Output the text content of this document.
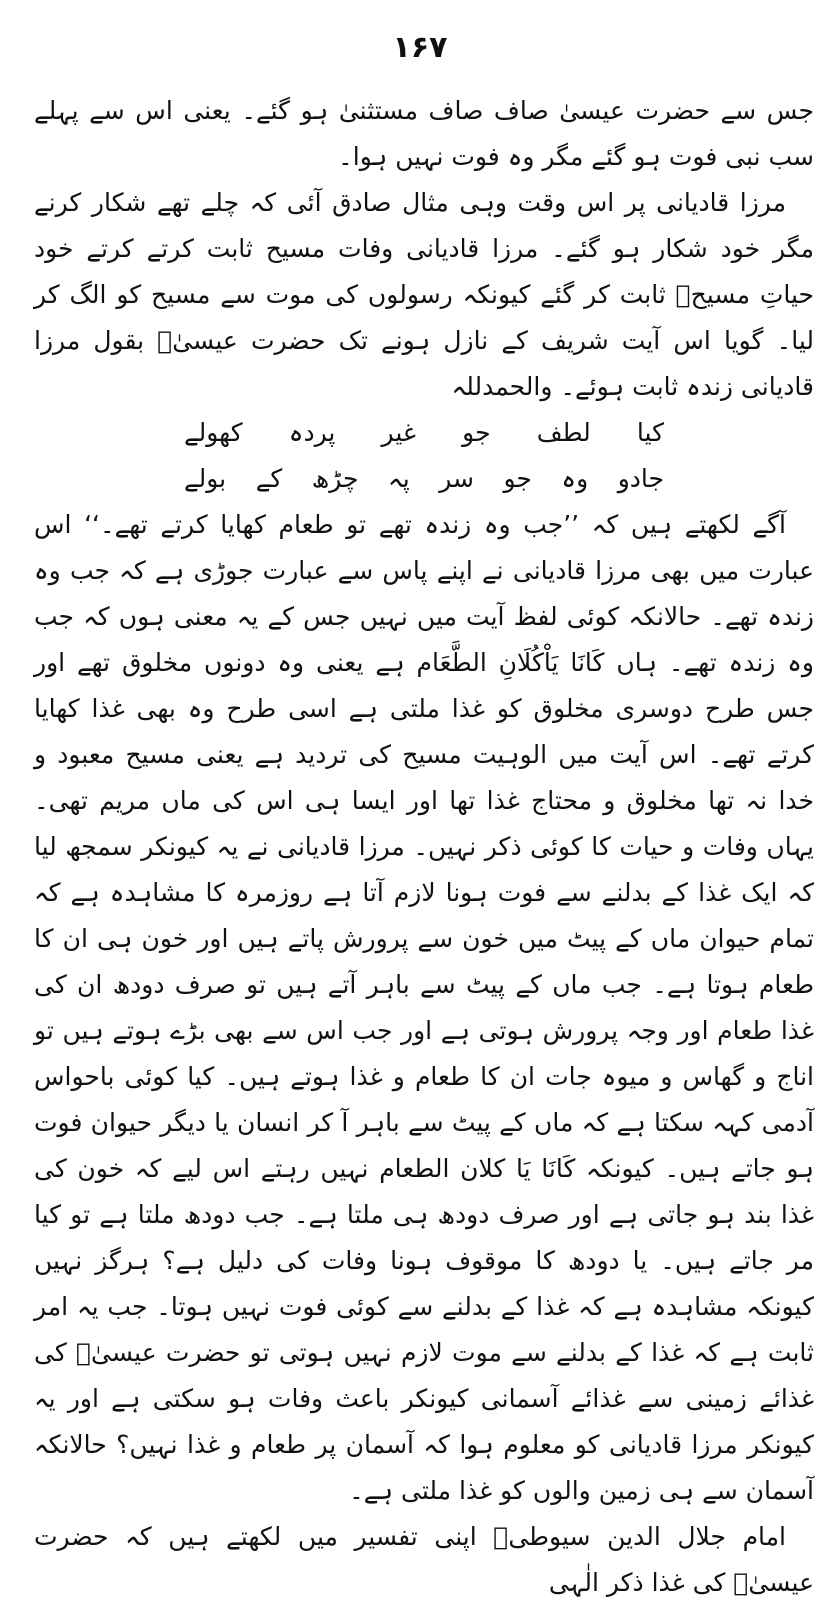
۱۶۷

جس سے حضرت عیسیٰ صاف صاف مستثنیٰ ہو گئے۔ یعنی اس سے پہلے سب نبی فوت ہو گئے مگر وہ فوت نہیں ہوا۔

مرزا قادیانی پر اس وقت وہی مثال صادق آئی کہ چلے تھے شکار کرنے مگر خود شکار ہو گئے۔ مرزا قادیانی وفات مسیح ثابت کرتے کرتے خود حیاتِ مسیحؑ ثابت کر گئے کیونکہ رسولوں کی موت سے مسیح کو الگ کر لیا۔ گویا اس آیت شریف کے نازل ہونے تک حضرت عیسیٰؑ بقول مرزا قادیانی زندہ ثابت ہوئے۔ والحمدللہ

کیا لطف جو غیر پردہ کھولے

جادو وہ جو سر پہ چڑھ کے بولے

آگے لکھتے ہیں کہ ’’جب وہ زندہ تھے تو طعام کھایا کرتے تھے۔‘‘ اس عبارت میں بھی مرزا قادیانی نے اپنے پاس سے عبارت جوڑی ہے کہ جب وہ زندہ تھے۔ حالانکہ کوئی لفظ آیت میں نہیں جس کے یہ معنی ہوں کہ جب وہ زندہ تھے۔ ہاں کَانَا یَاْکُلَانِ الطَّعَام ہے یعنی وہ دونوں مخلوق تھے اور جس طرح دوسری مخلوق کو غذا ملتی ہے اسی طرح وہ بھی غذا کھایا کرتے تھے۔ اس آیت میں الوہیت مسیح کی تردید ہے یعنی مسیح معبود و خدا نہ تھا مخلوق و محتاج غذا تھا اور ایسا ہی اس کی ماں مریم تھی۔ یہاں وفات و حیات کا کوئی ذکر نہیں۔ مرزا قادیانی نے یہ کیونکر سمجھ لیا کہ ایک غذا کے بدلنے سے فوت ہونا لازم آتا ہے روزمرہ کا مشاہدہ ہے کہ تمام حیوان ماں کے پیٹ میں خون سے پرورش پاتے ہیں اور خون ہی ان کا طعام ہوتا ہے۔ جب ماں کے پیٹ سے باہر آتے ہیں تو صرف دودھ ان کی غذا طعام اور وجہ پرورش ہوتی ہے اور جب اس سے بھی بڑے ہوتے ہیں تو اناج و گھاس و میوہ جات ان کا طعام و غذا ہوتے ہیں۔ کیا کوئی باحواس آدمی کہہ سکتا ہے کہ ماں کے پیٹ سے باہر آ کر انسان یا دیگر حیوان فوت ہو جاتے ہیں۔ کیونکہ کَانَا یَا کلان الطعام نہیں رہتے اس لیے کہ خون کی غذا بند ہو جاتی ہے اور صرف دودھ ہی ملتا ہے۔ جب دودھ ملتا ہے تو کیا مر جاتے ہیں۔ یا دودھ کا موقوف ہونا وفات کی دلیل ہے؟ ہرگز نہیں کیونکہ مشاہدہ ہے کہ غذا کے بدلنے سے کوئی فوت نہیں ہوتا۔ جب یہ امر ثابت ہے کہ غذا کے بدلنے سے موت لازم نہیں ہوتی تو حضرت عیسیٰؑ کی غذائے زمینی سے غذائے آسمانی کیونکر باعث وفات ہو سکتی ہے اور یہ کیونکر مرزا قادیانی کو معلوم ہوا کہ آسمان پر طعام و غذا نہیں؟ حالانکہ آسمان سے ہی زمین والوں کو غذا ملتی ہے۔

امام جلال الدین سیوطیؒ اپنی تفسیر میں لکھتے ہیں کہ حضرت عیسیٰؑ کی غذا ذکر الٰہی
